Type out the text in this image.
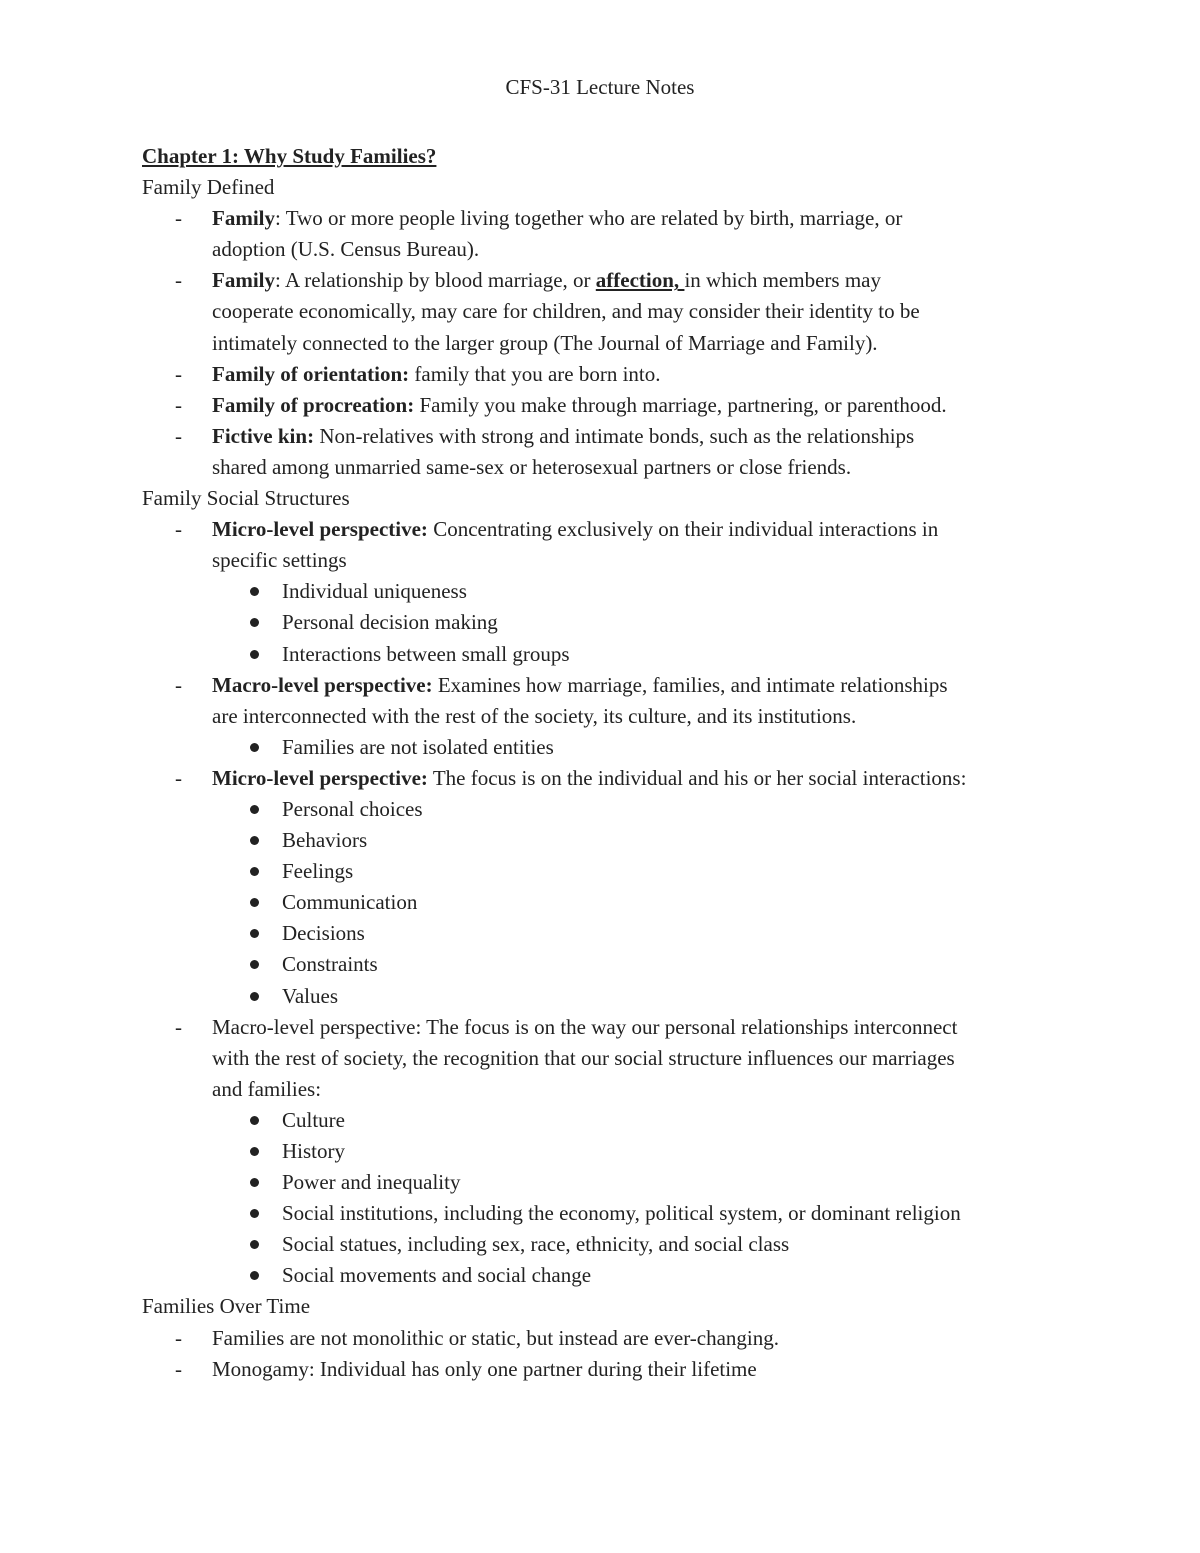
CFS-31 Lecture Notes
Chapter 1: Why Study Families?
Family Defined
- Family: Two or more people living together who are related by birth, marriage, or
adoption (U.S. Census Bureau).
- Family: A relationship by blood marriage, or affection, in which members may
cooperate economically, may care for children, and may consider their identity to be
intimately connected to the larger group (The Journal of Marriage and Family).
- Family of orientation: family that you are born into.
- Family of procreation: Family you make through marriage, partnering, or parenthood.
- Fictive kin: Non-relatives with strong and intimate bonds, such as the relationships
shared among unmarried same-sex or heterosexual partners or close friends.
Family Social Structures
- Micro-level perspective: Concentrating exclusively on their individual interactions in
specific settings
Individual uniqueness
Personal decision making
Interactions between small groups
- Macro-level perspective: Examines how marriage, families, and intimate relationships
are interconnected with the rest of the society, its culture, and its institutions.
Families are not isolated entities
- Micro-level perspective: The focus is on the individual and his or her social interactions:
Personal choices
Behaviors
Feelings
Communication
Decisions
Constraints
Values
- Macro-level perspective: The focus is on the way our personal relationships interconnect
with the rest of society, the recognition that our social structure influences our marriages
and families:
Culture
History
Power and inequality
Social institutions, including the economy, political system, or dominant religion
Social statues, including sex, race, ethnicity, and social class
Social movements and social change
Families Over Time
- Families are not monolithic or static, but instead are ever-changing.
- Monogamy: Individual has only one partner during their lifetime
